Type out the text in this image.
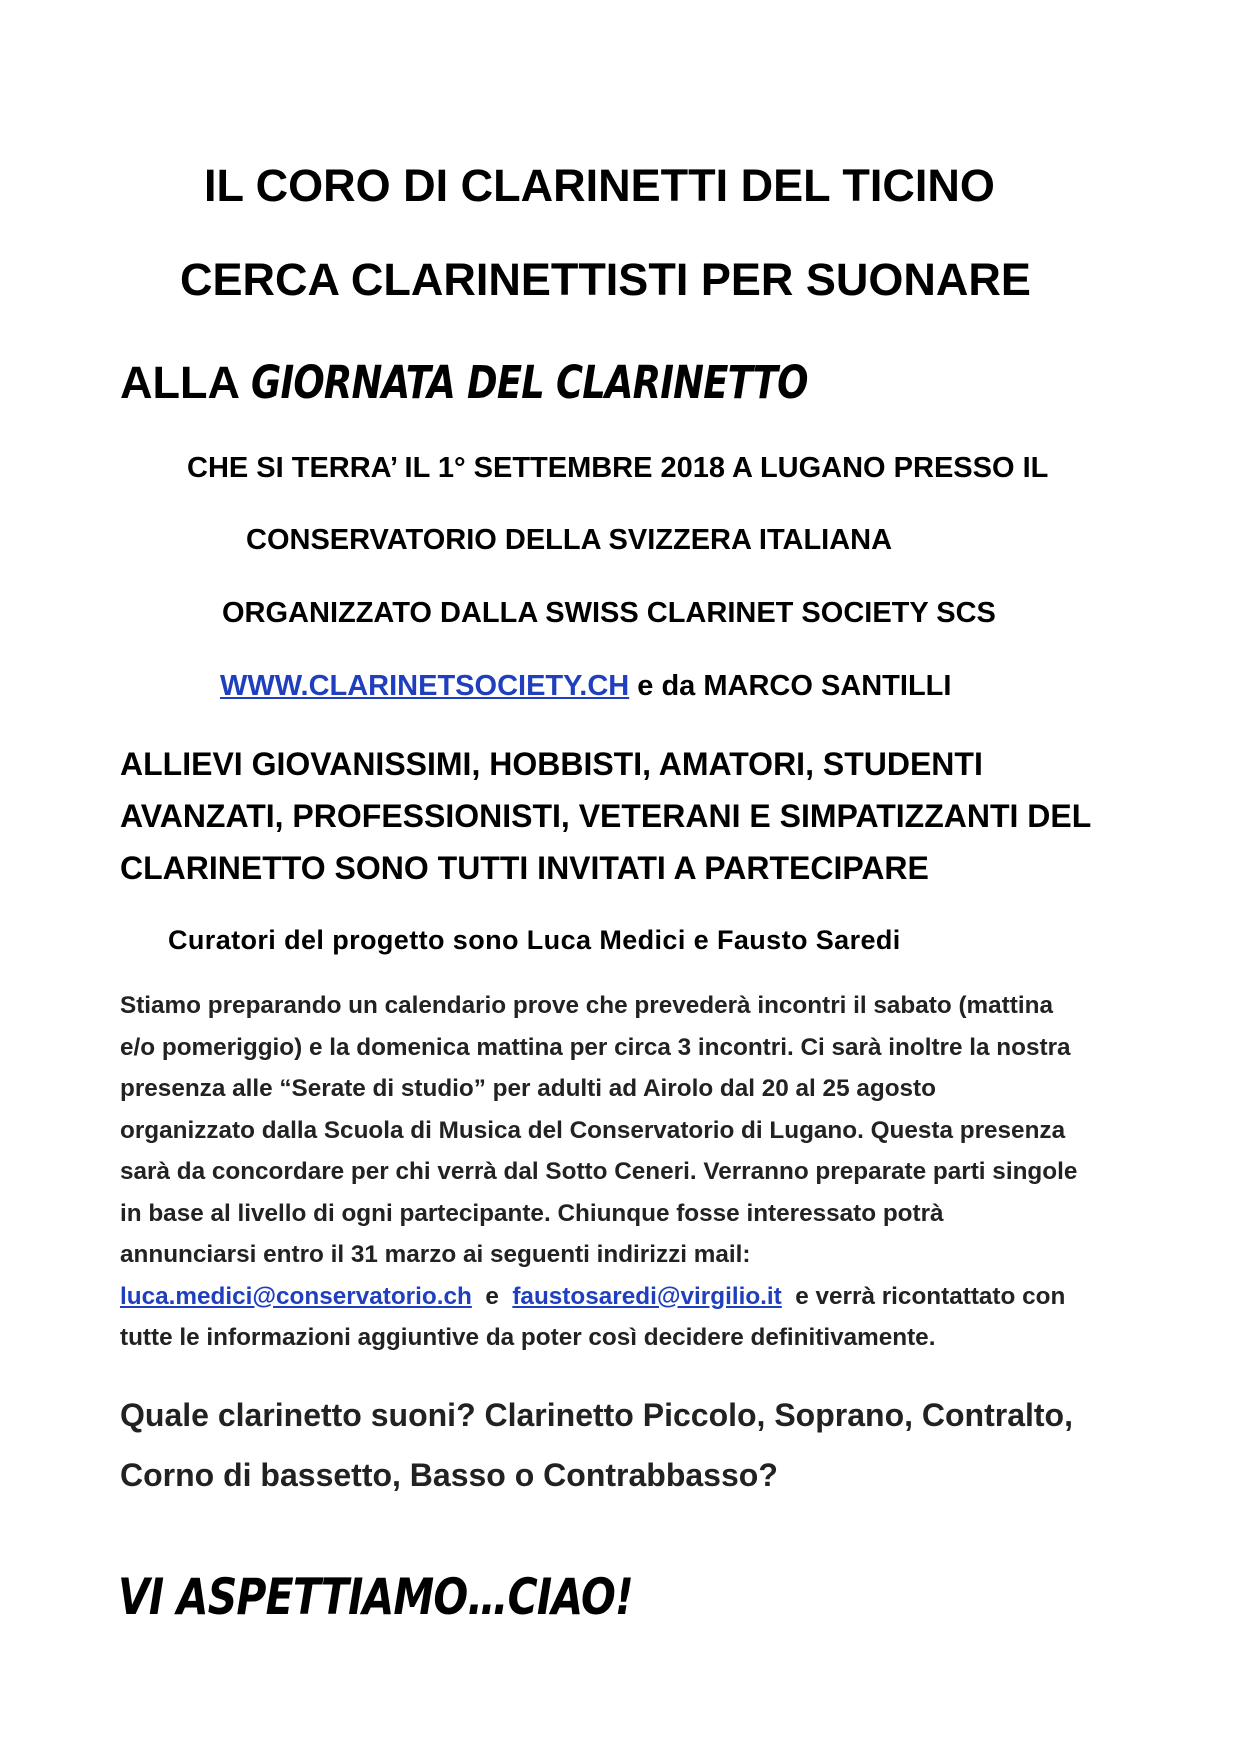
IL CORO DI CLARINETTI DEL TICINO
CERCA CLARINETTISTI PER SUONARE
ALLA GIORNATA DEL CLARINETTO
CHE SI TERRA’ IL 1° SETTEMBRE 2018 A LUGANO PRESSO IL
CONSERVATORIO DELLA SVIZZERA ITALIANA
ORGANIZZATO DALLA SWISS CLARINET SOCIETY SCS
WWW.CLARINETSOCIETY.CH e da MARCO SANTILLI
ALLIEVI GIOVANISSIMI, HOBBISTI, AMATORI, STUDENTI
AVANZATI, PROFESSIONISTI, VETERANI E SIMPATIZZANTI DEL
CLARINETTO SONO TUTTI INVITATI A PARTECIPARE
Curatori del progetto sono Luca Medici e Fausto Saredi
Stiamo preparando un calendario prove che prevederà incontri il sabato (mattina
e/o pomeriggio) e la domenica mattina per circa 3 incontri. Ci sarà inoltre la nostra
presenza alle “Serate di studio” per adulti ad Airolo dal 20 al 25 agosto
organizzato dalla Scuola di Musica del Conservatorio di Lugano. Questa presenza
sarà da concordare per chi verrà dal Sotto Ceneri. Verranno preparate parti singole
in base al livello di ogni partecipante. Chiunque fosse interessato potrà
annunciarsi entro il 31 marzo ai seguenti indirizzi mail:
luca.medici@conservatorio.ch  e  faustosaredi@virgilio.it  e verrà ricontattato con
tutte le informazioni aggiuntive da poter così decidere definitivamente.
Quale clarinetto suoni? Clarinetto Piccolo, Soprano, Contralto,
Corno di bassetto, Basso o Contrabbasso?
VI ASPETTIAMO…CIAO!
